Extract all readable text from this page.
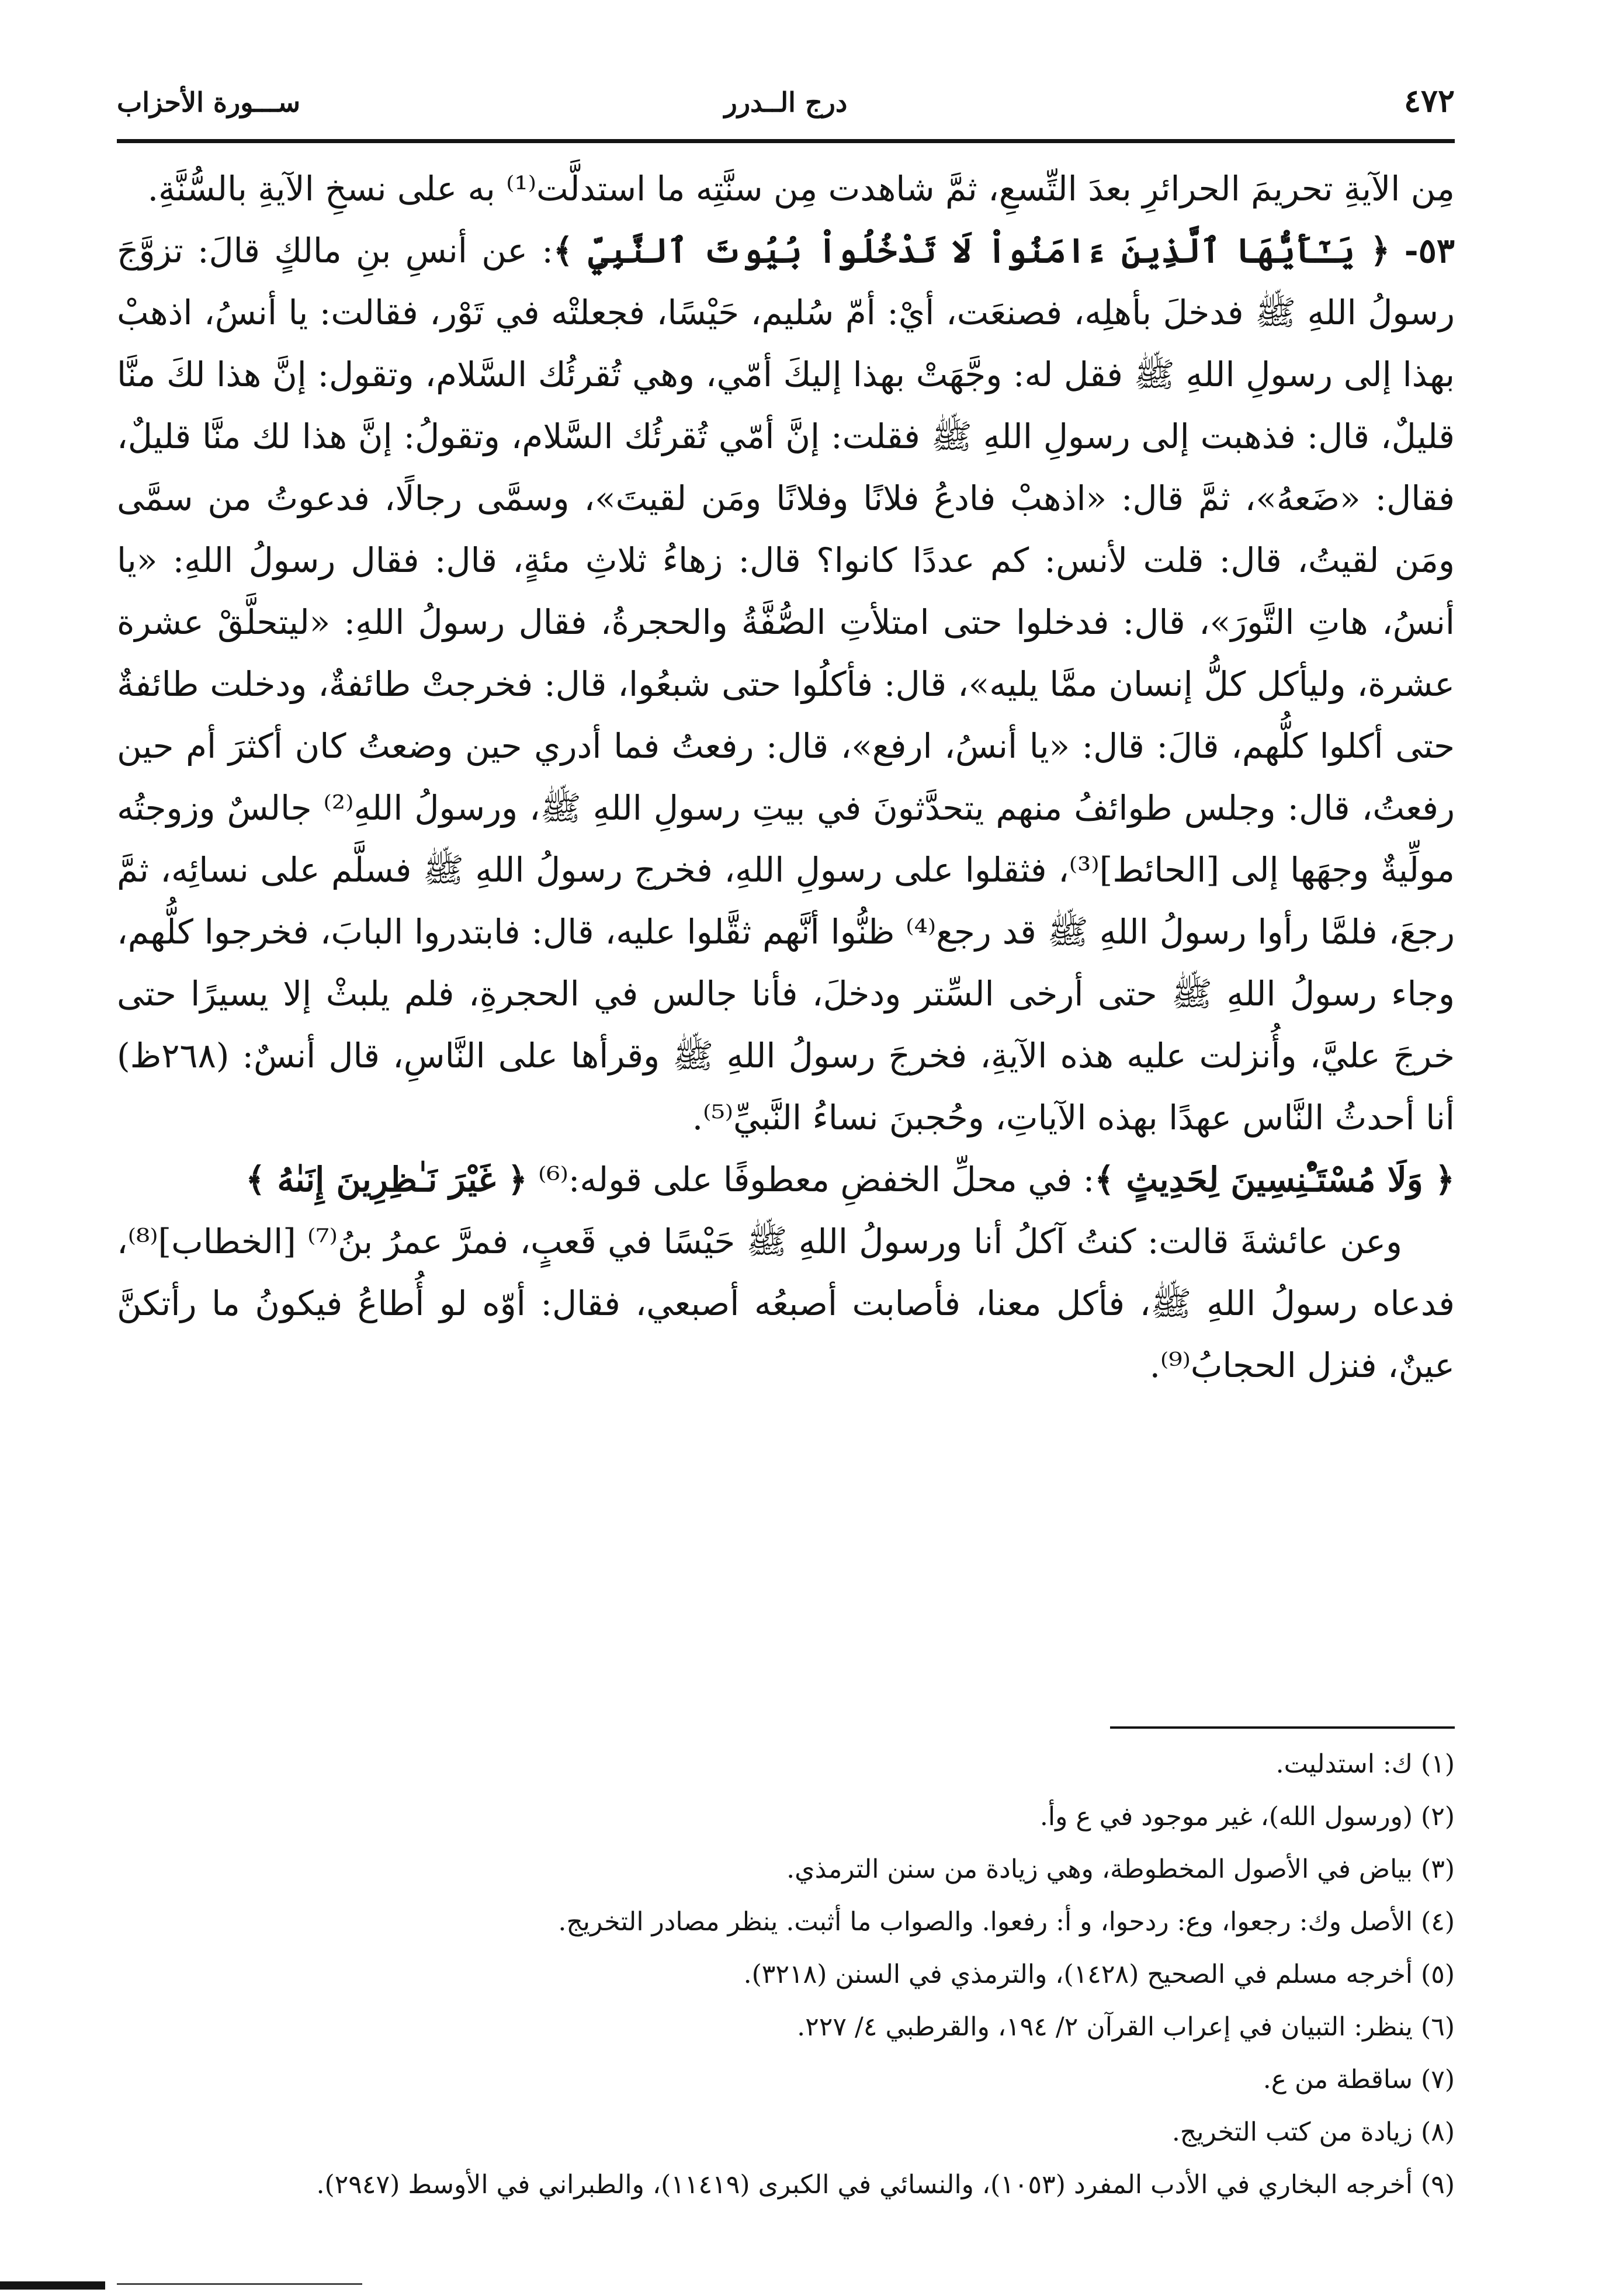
٤٧٢
درج الــدرر
ســـورة الأحزاب

مِن الآيةِ تحريمَ الحرائرِ بعدَ التِّسعِ، ثمَّ شاهدت مِن سنَّتِه ما استدلَّت⁽¹⁾ به على نسخِ الآيةِ بالسُّنَّةِ.

٥٣- ﴿ يَـٰٓأَيُّهَا ٱلَّذِينَ ءَامَنُواْ لَا تَدْخُلُواْ بُيُوتَ ٱلنَّبِيِّ ﴾: عن أنسِ بنِ مالكٍ قالَ: تزوَّجَ رسولُ اللهِ ﷺ فدخلَ بأهلِه، فصنعَت، أيْ: أمّ سُليم، حَيْسًا، فجعلتْه في تَوْر، فقالت: يا أنسُ، اذهبْ بهذا إلى رسولِ اللهِ ﷺ فقل له: وجَّهَتْ بهذا إليكَ أمّي، وهي تُقرئُك السَّلام، وتقول: إنَّ هذا لكَ منَّا قليلٌ، قال: فذهبت إلى رسولِ اللهِ ﷺ فقلت: إنَّ أمّي تُقرئُك السَّلام، وتقولُ: إنَّ هذا لك منَّا قليلٌ، فقال: «ضَعهُ»، ثمَّ قال: «اذهبْ فادعُ فلانًا وفلانًا ومَن لقيتَ»، وسمَّى رجالًا، فدعوتُ من سمَّى ومَن لقيتُ، قال: قلت لأنس: كم عددًا كانوا؟ قال: زهاءُ ثلاثِ مئةٍ، قال: فقال رسولُ اللهِ: «يا أنسُ، هاتِ التَّورَ»، قال: فدخلوا حتى امتلأتِ الصُّفَّةُ والحجرةُ، فقال رسولُ اللهِ: «ليتحلَّقْ عشرة عشرة، وليأكل كلُّ إنسان ممَّا يليه»، قال: فأكلُوا حتى شبعُوا، قال: فخرجتْ طائفةٌ، ودخلت طائفةٌ حتى أكلوا كلُّهم، قالَ: قال: «يا أنسُ، ارفع»، قال: رفعتُ فما أدري حين وضعتُ كان أكثرَ أم حين رفعتُ، قال: وجلس طوائفُ منهم يتحدَّثونَ في بيتِ رسولِ اللهِ ﷺ، ورسولُ اللهِ⁽²⁾ جالسٌ وزوجتُه مولِّيةٌ وجهَها إلى [الحائط]⁽³⁾، فثقلوا على رسولِ اللهِ، فخرج رسولُ اللهِ ﷺ فسلَّم على نسائِه، ثمَّ رجعَ، فلمَّا رأوا رسولُ اللهِ ﷺ قد رجع⁽⁴⁾ ظنُّوا أنَّهم ثقَّلوا عليه، قال: فابتدروا البابَ، فخرجوا كلُّهم، وجاء رسولُ اللهِ ﷺ حتى أرخى السِّتر ودخلَ، فأنا جالس في الحجرةِ، فلم يلبثْ إلا يسيرًا حتى خرجَ عليَّ، وأُنزلت عليه هذه الآيةِ، فخرجَ رسولُ اللهِ ﷺ وقرأها على النَّاسِ، قال أنسٌ: (٢٦٨ظ) أنا أحدثُ النَّاس عهدًا بهذه الآياتِ، وحُجبنَ نساءُ النَّبيِّ⁽⁵⁾.

﴿ وَلَا مُسْتَـْٔنِسِينَ لِحَدِيثٍ ﴾: في محلِّ الخفضِ معطوفًا على قوله:⁽⁶⁾ ﴿ غَيْرَ نَـٰظِرِينَ إِنَىٰهُ ﴾

وعن عائشةَ قالت: كنتُ آكلُ أنا ورسولُ اللهِ ﷺ حَيْسًا في قَعبٍ، فمرَّ عمرُ بنُ⁽⁷⁾ [الخطاب]⁽⁸⁾، فدعاه رسولُ اللهِ ﷺ، فأكل معنا، فأصابت أصبعُه أصبعي، فقال: أوّه لو أُطاعُ فيكونُ ما رأتكنَّ عينٌ، فنزل الحجابُ⁽⁹⁾.

(١) ك: استدليت.
(٢) (ورسول الله)، غير موجود في ع وأ.
(٣) بياض في الأصول المخطوطة، وهي زيادة من سنن الترمذي.
(٤) الأصل وك: رجعوا، وع: ردحوا، و أ: رفعوا. والصواب ما أثبت. ينظر مصادر التخريج.
(٥) أخرجه مسلم في الصحيح (١٤٢٨)، والترمذي في السنن (٣٢١٨).
(٦) ينظر: التبيان في إعراب القرآن ٢/ ١٩٤، والقرطبي ٤/ ٢٢٧.
(٧) ساقطة من ع.
(٨) زيادة من كتب التخريج.
(٩) أخرجه البخاري في الأدب المفرد (١٠٥٣)، والنسائي في الكبرى (١١٤١٩)، والطبراني في الأوسط (٢٩٤٧).
